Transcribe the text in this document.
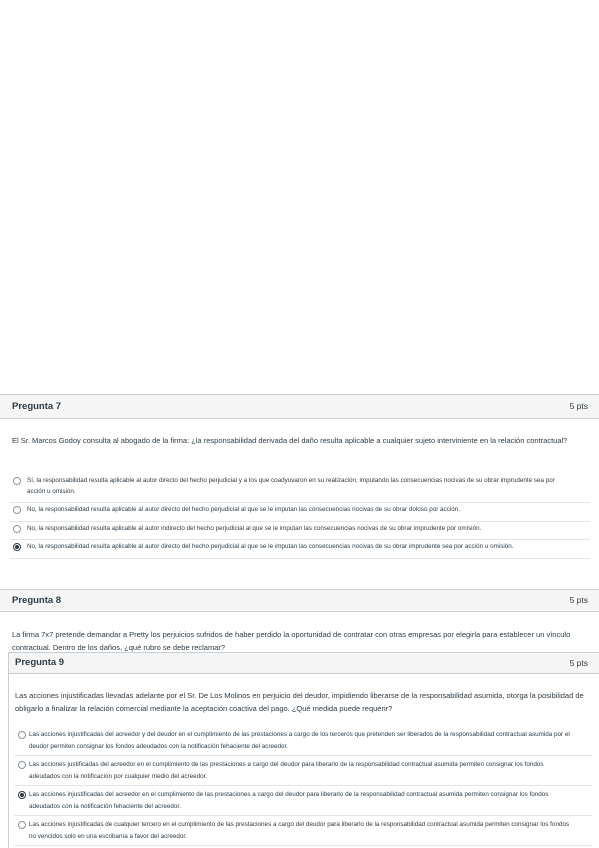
Pregunta 7	5 pts
El Sr. Marcos Godoy consulta al abogado de la firma: ¿la responsabilidad derivada del daño resulta aplicable a cualquier sujeto interviniente en la relación contractual?
Sí, la responsabilidad resulta aplicable al autor directo del hecho perjudicial y a los que coadyuvaron en su realización, imputando las consecuencias nocivas de su obrar imprudente sea por acción u omisión.
No, la responsabilidad resulta aplicable al autor directo del hecho perjudicial al que se le imputan las consecuencias nocivas de su obrar doloso por acción.
No, la responsabilidad resulta aplicable al autor indirecto del hecho perjudicial al que se le imputan las consecuencias nocivas de su obrar imprudente por omisión.
No, la responsabilidad resulta aplicable al autor directo del hecho perjudicial al que se le imputan las consecuencias nocivas de su obrar imprudente sea por acción u omisión.
Pregunta 8	5 pts
La firma 7x7 pretende demandar a Pretty los perjuicios sufridos de haber perdido la oportunidad de contratar con otras empresas por elegirla para establecer un vínculo contractual. Dentro de los daños, ¿qué rubro se debe reclamar?
Pregunta 9	5 pts
Las acciones injustificadas llevadas adelante por el Sr. De Los Molinos en perjuicio del deudor, impidiendo liberarse de la responsabilidad asumida, otorga la posibilidad de obligarlo a finalizar la relación comercial mediante la aceptación coactiva del pago. ¿Qué medida puede requerir?
Las acciones injustificadas del acreedor y del deudor en el cumplimiento de las prestaciones a cargo de los terceros que pretenden ser liberados de la responsabilidad contractual asumida por el deudor permiten consignar los fondos adeudados con la notificación fehaciente del acreedor.
Las acciones justificadas del acreedor en el cumplimiento de las prestaciones a cargo del deudor para liberarlo de la responsabilidad contractual asumida permiten consignar los fondos adeudados con la notificación por cualquier medio del acreedor.
Las acciones injustificadas del acreedor en el cumplimiento de las prestaciones a cargo del deudor para liberarlo de la responsabilidad contractual asumida permiten consignar los fondos adeudados con la notificación fehaciente del acreedor.
Las acciones injustificadas de cualquier tercero en el cumplimiento de las prestaciones a cargo del deudor para liberarlo de la responsabilidad contractual asumida permiten consignar los fondos no vencidos solo en una escribanía a favor del acreedor.
